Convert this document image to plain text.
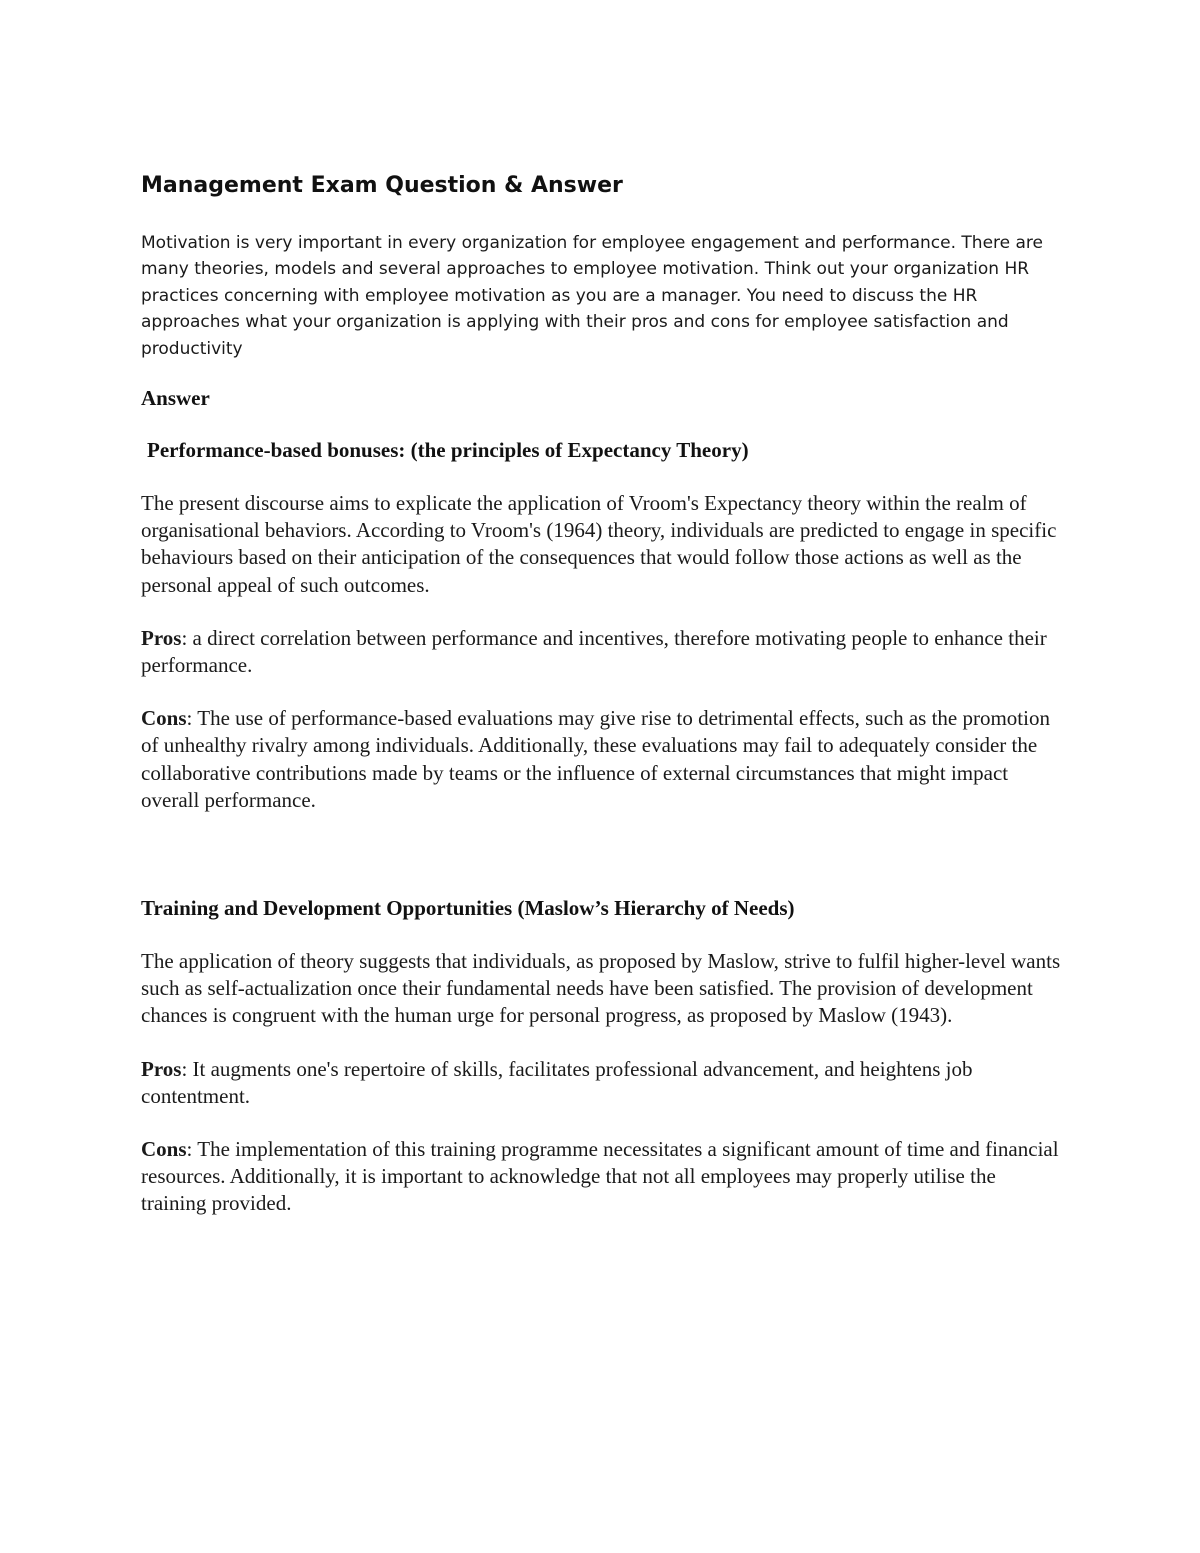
Management Exam Question & Answer

Motivation is very important in every organization for employee engagement and performance. There are many theories, models and several approaches to employee motivation. Think out your organization HR practices concerning with employee motivation as you are a manager. You need to discuss the HR approaches what your organization is applying with their pros and cons for employee satisfaction and productivity

Answer
Performance-based bonuses: (the principles of Expectancy Theory)

The present discourse aims to explicate the application of Vroom's Expectancy theory within the realm of organisational behaviors. According to Vroom's (1964) theory, individuals are predicted to engage in specific behaviours based on their anticipation of the consequences that would follow those actions as well as the personal appeal of such outcomes.

Pros: a direct correlation between performance and incentives, therefore motivating people to enhance their performance.

Cons: The use of performance-based evaluations may give rise to detrimental effects, such as the promotion of unhealthy rivalry among individuals. Additionally, these evaluations may fail to adequately consider the collaborative contributions made by teams or the influence of external circumstances that might impact overall performance.

Training and Development Opportunities (Maslow’s Hierarchy of Needs)

The application of theory suggests that individuals, as proposed by Maslow, strive to fulfil higher-level wants such as self-actualization once their fundamental needs have been satisfied. The provision of development chances is congruent with the human urge for personal progress, as proposed by Maslow (1943).

Pros: It augments one's repertoire of skills, facilitates professional advancement, and heightens job contentment.

Cons: The implementation of this training programme necessitates a significant amount of time and financial resources. Additionally, it is important to acknowledge that not all employees may properly utilise the training provided.
